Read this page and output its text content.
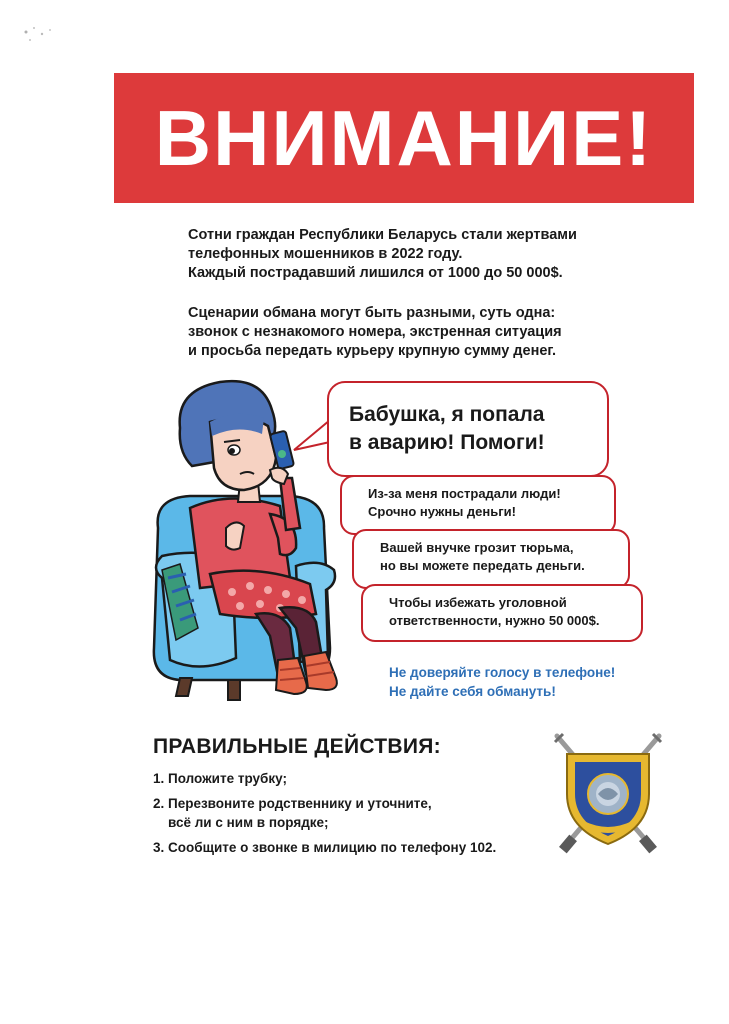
ВНИМАНИЕ!
Сотни граждан Республики Беларусь стали жертвами
телефонных мошенников в 2022 году.
Каждый пострадавший лишился от 1000 до 50 000$.
Сценарии обмана могут быть разными, суть одна:
звонок с незнакомого номера, экстренная ситуация
и просьба передать курьеру крупную сумму денег.
Бабушка, я попала
в аварию! Помоги!
Из-за меня пострадали люди!
Срочно нужны деньги!
Вашей внучке грозит тюрьма,
но вы можете передать деньги.
Чтобы избежать уголовной
ответственности, нужно 50 000$.
Не доверяйте голосу в телефоне!
Не дайте себя обмануть!
ПРАВИЛЬНЫЕ ДЕЙСТВИЯ:
1. Положите трубку;
2. Перезвоните родственнику и уточните,
всё ли с ним в порядке;
3. Сообщите о звонке в милицию по телефону 102.
